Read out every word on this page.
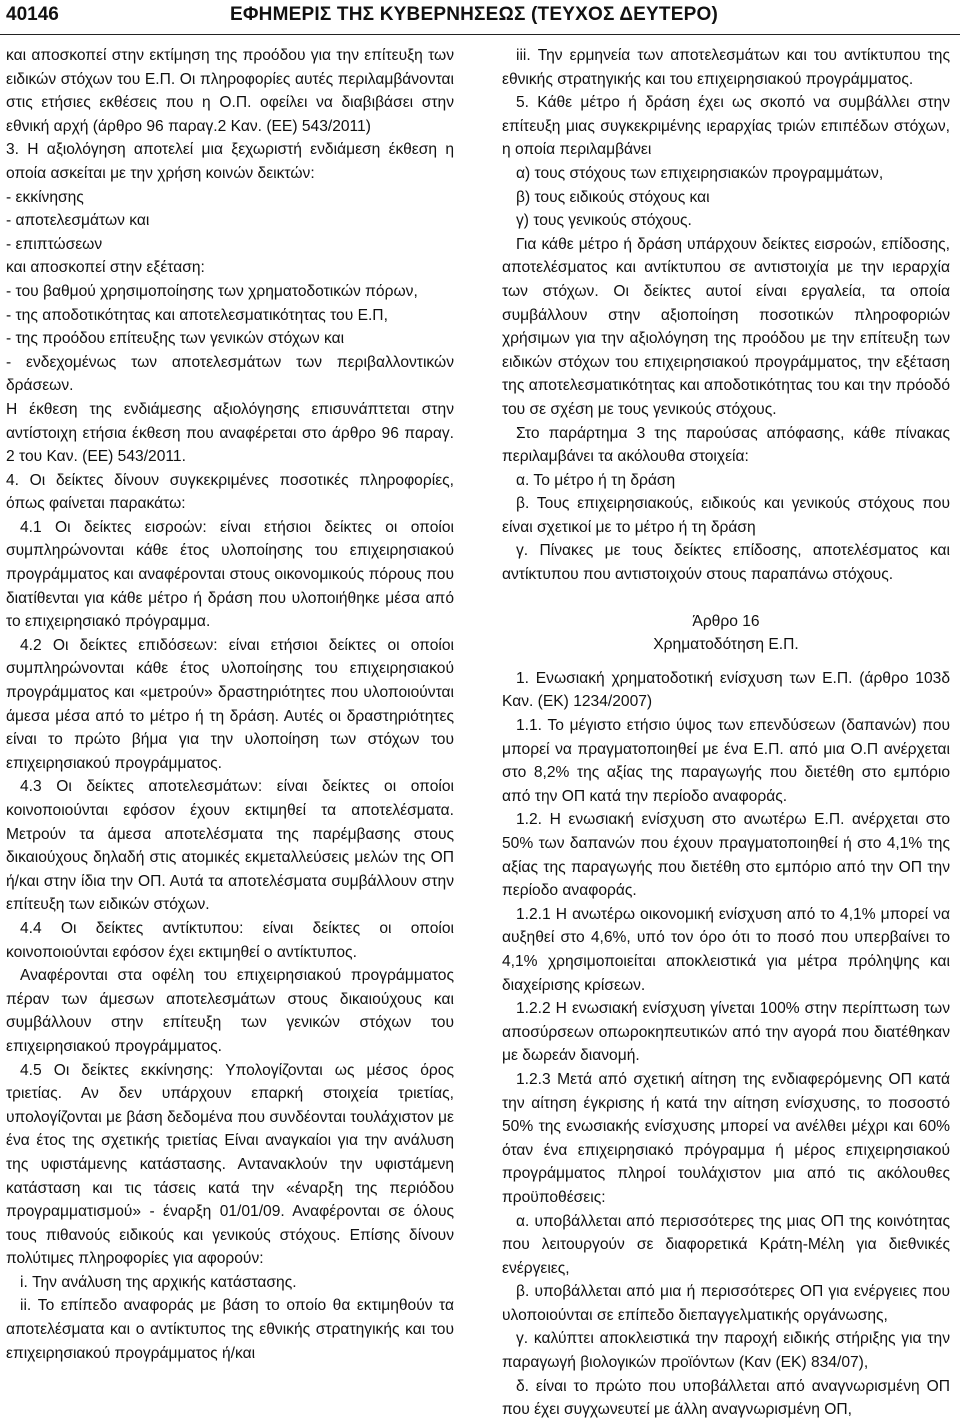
40146	ΕΦΗΜΕΡΙΣ ΤΗΣ ΚΥΒΕΡΝΗΣΕΩΣ (ΤΕΥΧΟΣ ΔΕΥΤΕΡΟ)

και αποσκοπεί στην εκτίμηση της προόδου για την επίτευξη των ειδικών στόχων του Ε.Π. Οι πληροφορίες αυτές περιλαμβάνονται στις ετήσιες εκθέσεις που η Ο.Π. οφείλει να διαβιβάσει στην εθνική αρχή (άρθρο 96 παραγ.2 Καν. (ΕΕ) 543/2011)

3. Η αξιολόγηση αποτελεί μια ξεχωριστή ενδιάμεση έκθεση η οποία ασκείται με την χρήση κοινών δεικτών:

- εκκίνησης

- αποτελεσμάτων και

- επιπτώσεων

και αποσκοπεί στην εξέταση:

- του βαθμού χρησιμοποίησης των χρηματοδοτικών πόρων,

- της αποδοτικότητας και αποτελεσματικότητας του Ε.Π,

- της προόδου επίτευξης των γενικών στόχων και

- ενδεχομένως των αποτελεσμάτων των περιβαλλοντικών δράσεων.

Η έκθεση της ενδιάμεσης αξιολόγησης επισυνάπτεται στην αντίστοιχη ετήσια έκθεση που αναφέρεται στο άρθρο 96 παραγ. 2 του Καν. (ΕΕ) 543/2011.

4. Οι δείκτες δίνουν συγκεκριμένες ποσοτικές πληροφορίες, όπως φαίνεται παρακάτω:

4.1 Οι δείκτες εισροών: είναι ετήσιοι δείκτες οι οποίοι συμπληρώνονται κάθε έτος υλοποίησης του επιχειρησιακού προγράμματος και αναφέρονται στους οικονομικούς πόρους που διατίθενται για κάθε μέτρο ή δράση που υλοποιήθηκε μέσα από το επιχειρησιακό πρόγραμμα.

4.2 Οι δείκτες επιδόσεων: είναι ετήσιοι δείκτες οι οποίοι συμπληρώνονται κάθε έτος υλοποίησης του επιχειρησιακού προγράμματος και «μετρούν» δραστηριότητες που υλοποιούνται άμεσα μέσα από το μέτρο ή τη δράση. Αυτές οι δραστηριότητες είναι το πρώτο βήμα για την υλοποίηση των στόχων του επιχειρησιακού προγράμματος.

4.3 Οι δείκτες αποτελεσμάτων: είναι δείκτες οι οποίοι κοινοποιούνται εφόσον έχουν εκτιμηθεί τα αποτελέσματα. Μετρούν τα άμεσα αποτελέσματα της παρέμβασης στους δικαιούχους δηλαδή στις ατομικές εκμεταλλεύσεις μελών της ΟΠ ή/και στην ίδια την ΟΠ. Αυτά τα αποτελέσματα συμβάλλουν στην επίτευξη των ειδικών στόχων.

4.4 Οι δείκτες αντίκτυπου: είναι δείκτες οι οποίοι κοινοποιούνται εφόσον έχει εκτιμηθεί ο αντίκτυπος.

Αναφέρονται στα οφέλη του επιχειρησιακού προγράμματος πέραν των άμεσων αποτελεσμάτων στους δικαιούχους και συμβάλλουν στην επίτευξη των γενικών στόχων του επιχειρησιακού προγράμματος.

4.5 Οι δείκτες εκκίνησης: Υπολογίζονται ως μέσος όρος τριετίας. Αν δεν υπάρχουν επαρκή στοιχεία τριετίας, υπολογίζονται με βάση δεδομένα που συνδέονται τουλάχιστον με ένα έτος της σχετικής τριετίας Είναι αναγκαίοι για την ανάλυση της υφιστάμενης κατάστασης. Αντανακλούν την υφιστάμενη κατάσταση και τις τάσεις κατά την «έναρξη της περιόδου προγραμματισμού» - έναρξη 01/01/09. Αναφέρονται σε όλους τους πιθανούς ειδικούς και γενικούς στόχους. Επίσης δίνουν πολύτιμες πληροφορίες για αφορούν:

i. Την ανάλυση της αρχικής κατάστασης.

ii. Το επίπεδο αναφοράς με βάση το οποίο θα εκτιμηθούν τα αποτελέσματα και ο αντίκτυπος της εθνικής στρατηγικής και του επιχειρησιακού προγράμματος ή/και

iii. Την ερμηνεία των αποτελεσμάτων και του αντίκτυπου της εθνικής στρατηγικής και του επιχειρησιακού προγράμματος.

5. Κάθε μέτρο ή δράση έχει ως σκοπό να συμβάλλει στην επίτευξη μιας συγκεκριμένης ιεραρχίας τριών επιπέδων στόχων, η οποία περιλαμβάνει

α) τους στόχους των επιχειρησιακών προγραμμάτων,

β) τους ειδικούς στόχους και

γ) τους γενικούς στόχους.

Για κάθε μέτρο ή δράση υπάρχουν δείκτες εισροών, επίδοσης, αποτελέσματος και αντίκτυπου σε αντιστοιχία με την ιεραρχία των στόχων. Οι δείκτες αυτοί είναι εργαλεία, τα οποία συμβάλλουν στην αξιοποίηση ποσοτικών πληροφοριών χρήσιμων για την αξιολόγηση της προόδου με την επίτευξη των ειδικών στόχων του επιχειρησιακού προγράμματος, την εξέταση της αποτελεσματικότητας και αποδοτικότητας του και την πρόοδό του σε σχέση με τους γενικούς στόχους.

Στο παράρτημα 3 της παρούσας απόφασης, κάθε πίνακας περιλαμβάνει τα ακόλουθα στοιχεία:

α. Το μέτρο ή τη δράση

β. Τους επιχειρησιακούς, ειδικούς και γενικούς στόχους που είναι σχετικοί με το μέτρο ή τη δράση

γ. Πίνακες με τους δείκτες επίδοσης, αποτελέσματος και αντίκτυπου που αντιστοιχούν στους παραπάνω στόχους.

Άρθρο 16

Χρηματοδότηση Ε.Π.

1. Ενωσιακή χρηματοδοτική ενίσχυση των Ε.Π. (άρθρο 103δ Καν. (ΕΚ) 1234/2007)

1.1. Το μέγιστο ετήσιο ύψος των επενδύσεων (δαπανών) που μπορεί να πραγματοποιηθεί με ένα Ε.Π. από μια Ο.Π ανέρχεται στο 8,2% της αξίας της παραγωγής που διετέθη στο εμπόριο από την ΟΠ κατά την περίοδο αναφοράς.

1.2. Η ενωσιακή ενίσχυση στο ανωτέρω Ε.Π. ανέρχεται στο 50% των δαπανών που έχουν πραγματοποιηθεί ή στο 4,1% της αξίας της παραγωγής που διετέθη στο εμπόριο από την ΟΠ την περίοδο αναφοράς.

1.2.1 Η ανωτέρω οικονομική ενίσχυση από το 4,1% μπορεί να αυξηθεί στο 4,6%, υπό τον όρο ότι το ποσό που υπερβαίνει το 4,1% χρησιμοποιείται αποκλειστικά για μέτρα πρόληψης και διαχείρισης κρίσεων.

1.2.2 Η ενωσιακή ενίσχυση γίνεται 100% στην περίπτωση των αποσύρσεων οπωροκηπευτικών από την αγορά που διατέθηκαν με δωρεάν διανομή.

1.2.3 Μετά από σχετική αίτηση της ενδιαφερόμενης ΟΠ κατά την αίτηση έγκρισης ή κατά την αίτηση ενίσχυσης, το ποσοστό 50% της ενωσιακής ενίσχυσης μπορεί να ανέλθει μέχρι και 60% όταν ένα επιχειρησιακό πρόγραμμα ή μέρος επιχειρησιακού προγράμματος πληροί τουλάχιστον μια από τις ακόλουθες προϋποθέσεις:

α. υποβάλλεται από περισσότερες της μιας ΟΠ της κοινότητας που λειτουργούν σε διαφορετικά Κράτη-Μέλη για διεθνικές ενέργειες,

β. υποβάλλεται από μια ή περισσότερες ΟΠ για ενέργειες που υλοποιούνται σε επίπεδο διεπαγγελματικής οργάνωσης,

γ. καλύπτει αποκλειστικά την παροχή ειδικής στήριξης για την παραγωγή βιολογικών προϊόντων (Καν (ΕΚ) 834/07),

δ. είναι το πρώτο που υποβάλλεται από αναγνωρισμένη ΟΠ που έχει συγχωνευτεί με άλλη αναγνωρισμένη ΟΠ,
